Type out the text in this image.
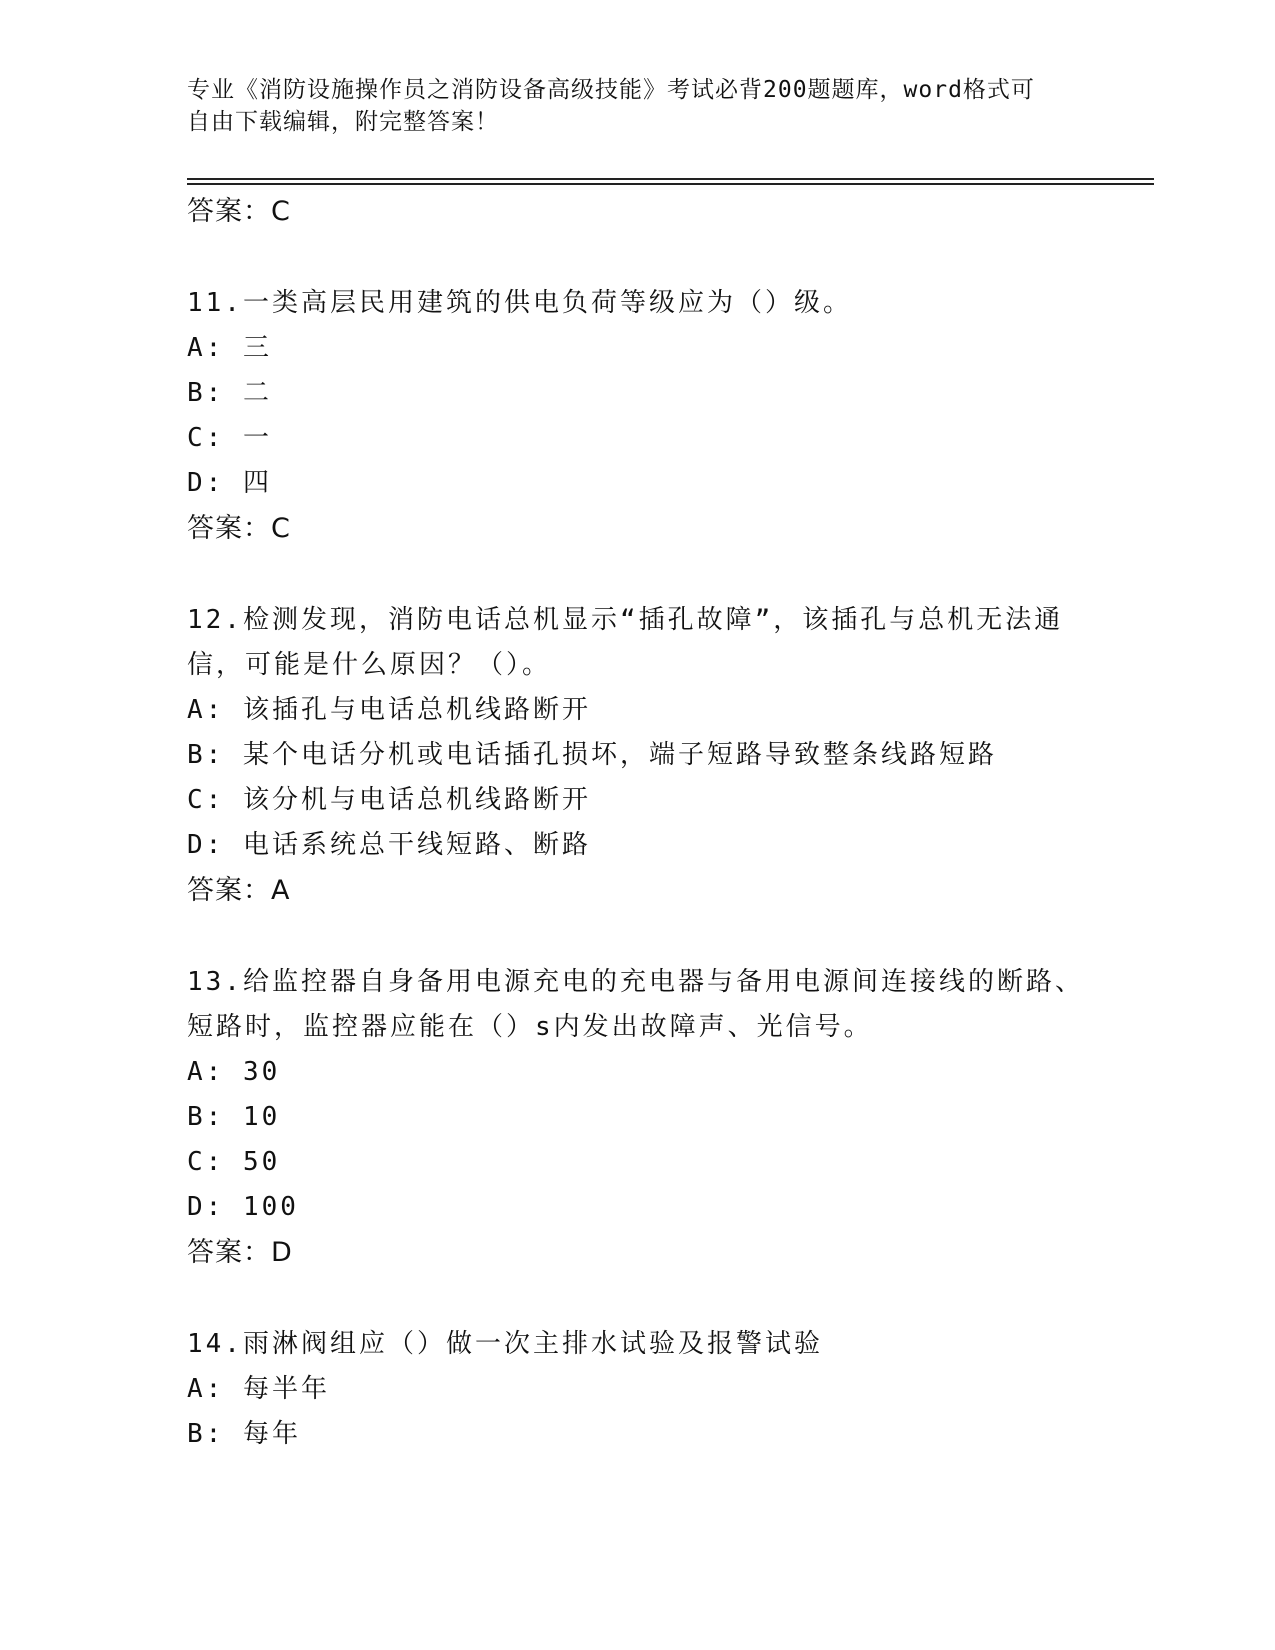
专业《消防设施操作员之消防设备高级技能》考试必背200题题库，word格式可
自由下载编辑，附完整答案！
答案：C
11.一类高层民用建筑的供电负荷等级应为（）级。
A: 三
B: 二
C: 一
D: 四
答案：C
12.检测发现，消防电话总机显示“插孔故障”，该插孔与总机无法通
信，可能是什么原因？（）。
A: 该插孔与电话总机线路断开
B: 某个电话分机或电话插孔损坏，端子短路导致整条线路短路
C: 该分机与电话总机线路断开
D: 电话系统总干线短路、断路
答案：A
13.给监控器自身备用电源充电的充电器与备用电源间连接线的断路、
短路时，监控器应能在（）s内发出故障声、光信号。
A: 30
B: 10
C: 50
D: 100
答案：D
14.雨淋阀组应（）做一次主排水试验及报警试验
A: 每半年
B: 每年
